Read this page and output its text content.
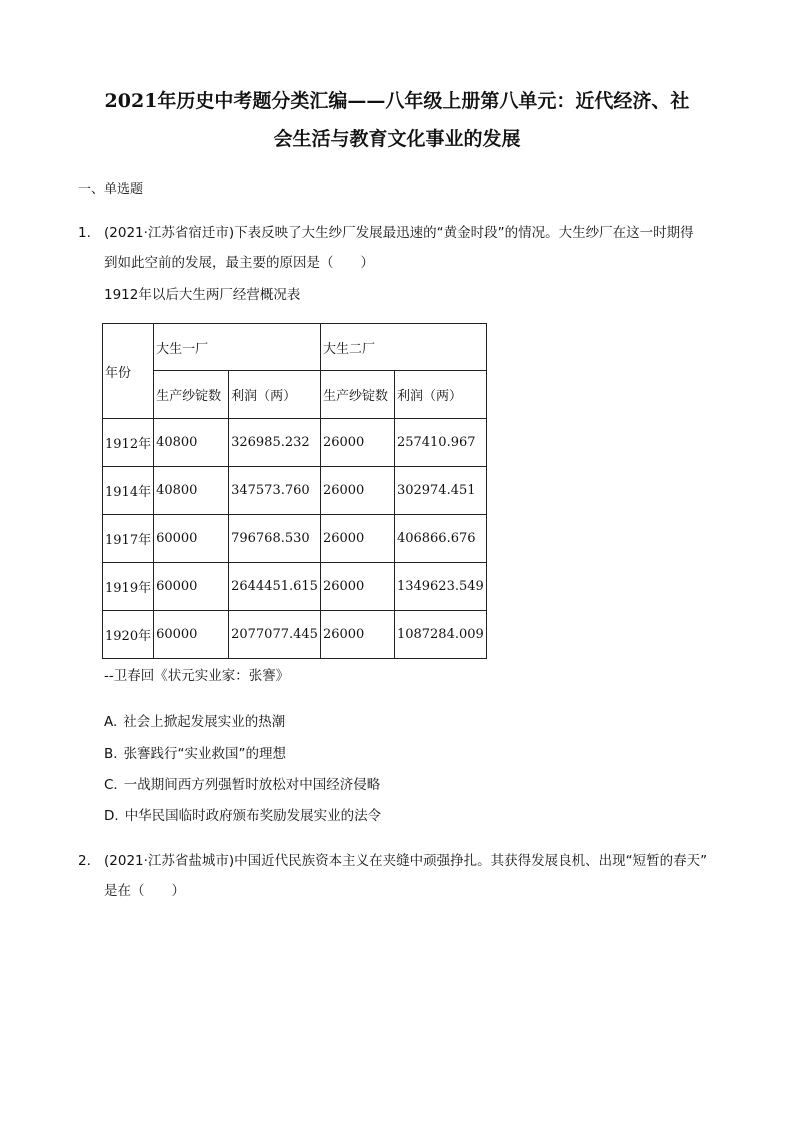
2021年历史中考题分类汇编——八年级上册第八单元：近代经济、社
会生活与教育文化事业的发展
一、单选题
1. (2021·江苏省宿迁市)下表反映了大生纱厂发展最迅速的“黄金时段”的情况。大生纱厂在这一时期得
到如此空前的发展，最主要的原因是（　　）
1912年以后大生两厂经营概况表
年份	大生一厂		大生二厂	
	生产纱锭数	利润（两）	生产纱锭数	利润（两）
1912年	40800	326985.232	26000	257410.967
1914年	40800	347573.760	26000	302974.451
1917年	60000	796768.530	26000	406866.676
1919年	60000	2644451.615	26000	1349623.549
1920年	60000	2077077.445	26000	1087284.009
--卫春回《状元实业家：张謇》
A. 社会上掀起发展实业的热潮
B. 张謇践行“实业救国”的理想
C. 一战期间西方列强暂时放松对中国经济侵略
D. 中华民国临时政府颁布奖励发展实业的法令
2. (2021·江苏省盐城市)中国近代民族资本主义在夹缝中顽强挣扎。其获得发展良机、出现“短暂的春天”
是在（　　）
